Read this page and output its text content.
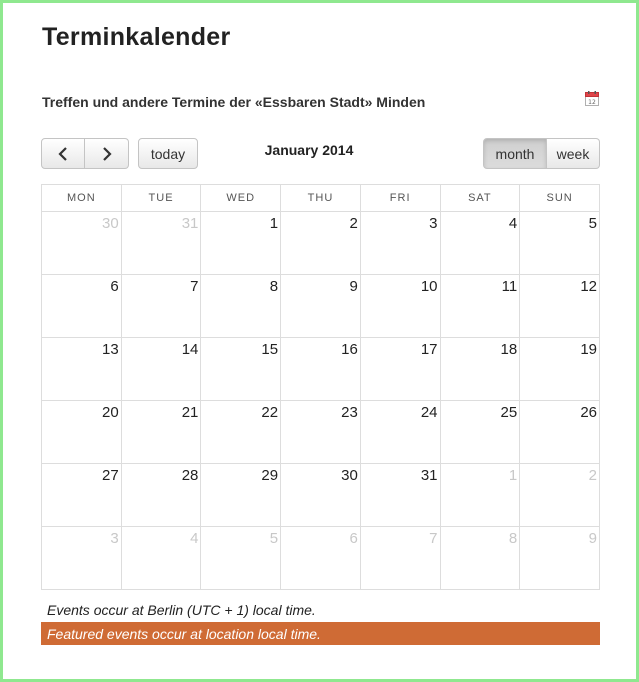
Terminkalender
Treffen und andere Termine der «Essbaren Stadt» Minden	12
today	January 2014	month	week
MON	TUE	WED	THU	FRI	SAT	SUN
30	31	1	2	3	4	5
6	7	8	9	10	11	12
13	14	15	16	17	18	19
20	21	22	23	24	25	26
27	28	29	30	31	1	2
3	4	5	6	7	8	9
Events occur at Berlin (UTC + 1) local time.
Featured events occur at location local time.
